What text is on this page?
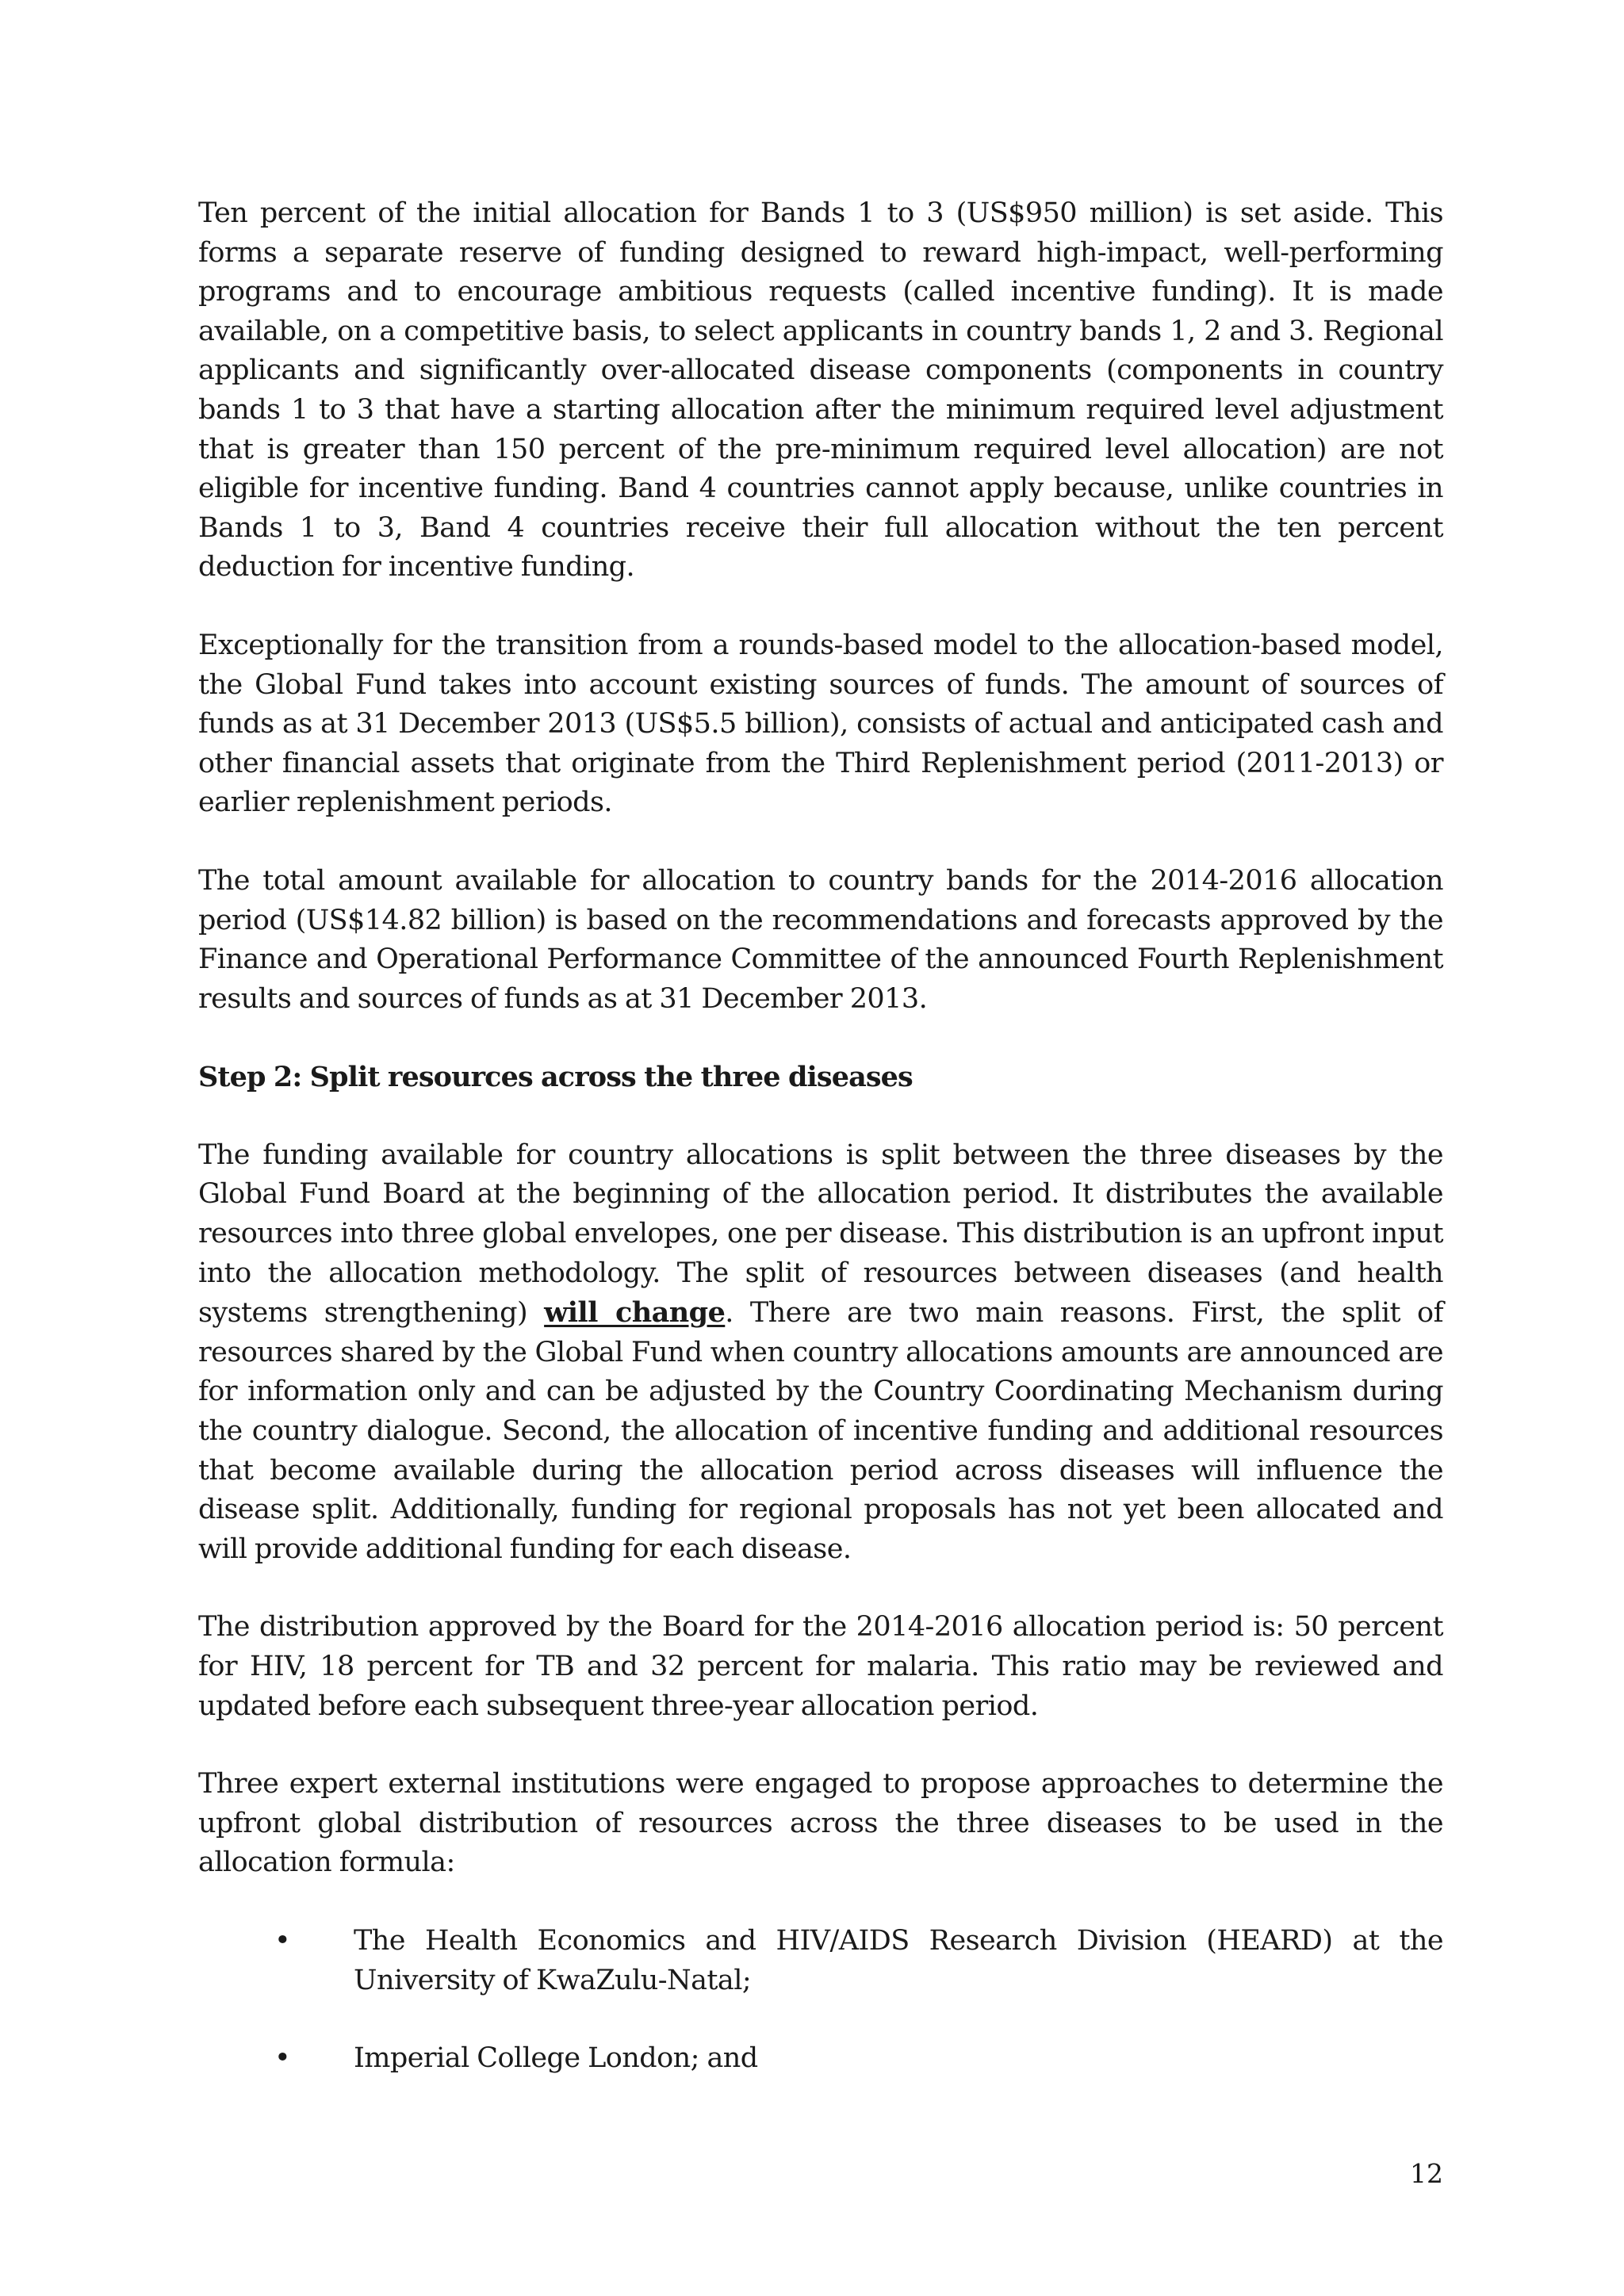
Ten percent of the initial allocation for Bands 1 to 3 (US$950 million) is set aside. This forms a separate reserve of funding designed to reward high-impact, well-performing programs and to encourage ambitious requests (called incentive funding). It is made available, on a competitive basis, to select applicants in country bands 1, 2 and 3. Regional applicants and significantly over-allocated disease components (components in country bands 1 to 3 that have a starting allocation after the minimum required level adjustment that is greater than 150 percent of the pre-minimum required level allocation) are not eligible for incentive funding. Band 4 countries cannot apply because, unlike countries in Bands 1 to 3, Band 4 countries receive their full allocation without the ten percent deduction for incentive funding.

Exceptionally for the transition from a rounds-based model to the allocation-based model, the Global Fund takes into account existing sources of funds. The amount of sources of funds as at 31 December 2013 (US$5.5 billion), consists of actual and anticipated cash and other financial assets that originate from the Third Replenishment period (2011-2013) or earlier replenishment periods.

The total amount available for allocation to country bands for the 2014-2016 allocation period (US$14.82 billion) is based on the recommendations and forecasts approved by the Finance and Operational Performance Committee of the announced Fourth Replenishment results and sources of funds as at 31 December 2013.

Step 2: Split resources across the three diseases

The funding available for country allocations is split between the three diseases by the Global Fund Board at the beginning of the allocation period. It distributes the available resources into three global envelopes, one per disease. This distribution is an upfront input into the allocation methodology. The split of resources between diseases (and health systems strengthening) will change. There are two main reasons. First, the split of resources shared by the Global Fund when country allocations amounts are announced are for information only and can be adjusted by the Country Coordinating Mechanism during the country dialogue. Second, the allocation of incentive funding and additional resources that become available during the allocation period across diseases will influence the disease split. Additionally, funding for regional proposals has not yet been allocated and will provide additional funding for each disease.

The distribution approved by the Board for the 2014-2016 allocation period is: 50 percent for HIV, 18 percent for TB and 32 percent for malaria. This ratio may be reviewed and updated before each subsequent three-year allocation period.

Three expert external institutions were engaged to propose approaches to determine the upfront global distribution of resources across the three diseases to be used in the allocation formula:

• The Health Economics and HIV/AIDS Research Division (HEARD) at the University of KwaZulu-Natal;
• Imperial College London; and
12
